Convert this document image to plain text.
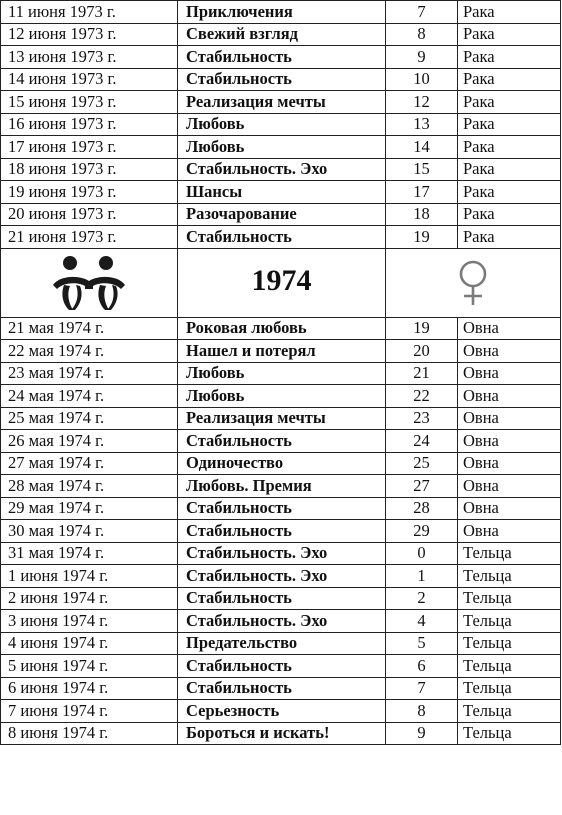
11 июня 1973 г.	Приключения	7	Рака
12 июня 1973 г.	Свежий взгляд	8	Рака
13 июня 1973 г.	Стабильность	9	Рака
14 июня 1973 г.	Стабильность	10	Рака
15 июня 1973 г.	Реализация мечты	12	Рака
16 июня 1973 г.	Любовь	13	Рака
17 июня 1973 г.	Любовь	14	Рака
18 июня 1973 г.	Стабильность. Эхо	15	Рака
19 июня 1973 г.	Шансы	17	Рака
20 июня 1973 г.	Разочарование	18	Рака
21 июня 1973 г.	Стабильность	19	Рака

	1974	

21 мая 1974 г.	Роковая любовь	19	Овна
22 мая 1974 г.	Нашел и потерял	20	Овна
23 мая 1974 г.	Любовь	21	Овна
24 мая 1974 г.	Любовь	22	Овна
25 мая 1974 г.	Реализация мечты	23	Овна
26 мая 1974 г.	Стабильность	24	Овна
27 мая 1974 г.	Одиночество	25	Овна
28 мая 1974 г.	Любовь. Премия	27	Овна
29 мая 1974 г.	Стабильность	28	Овна
30 мая 1974 г.	Стабильность	29	Овна
31 мая 1974 г.	Стабильность. Эхо	0	Тельца
1 июня 1974 г.	Стабильность. Эхо	1	Тельца
2 июня 1974 г.	Стабильность	2	Тельца
3 июня 1974 г.	Стабильность. Эхо	4	Тельца
4 июня 1974 г.	Предательство	5	Тельца
5 июня 1974 г.	Стабильность	6	Тельца
6 июня 1974 г.	Стабильность	7	Тельца
7 июня 1974 г.	Серьезность	8	Тельца
8 июня 1974 г.	Бороться и искать!	9	Тельца
